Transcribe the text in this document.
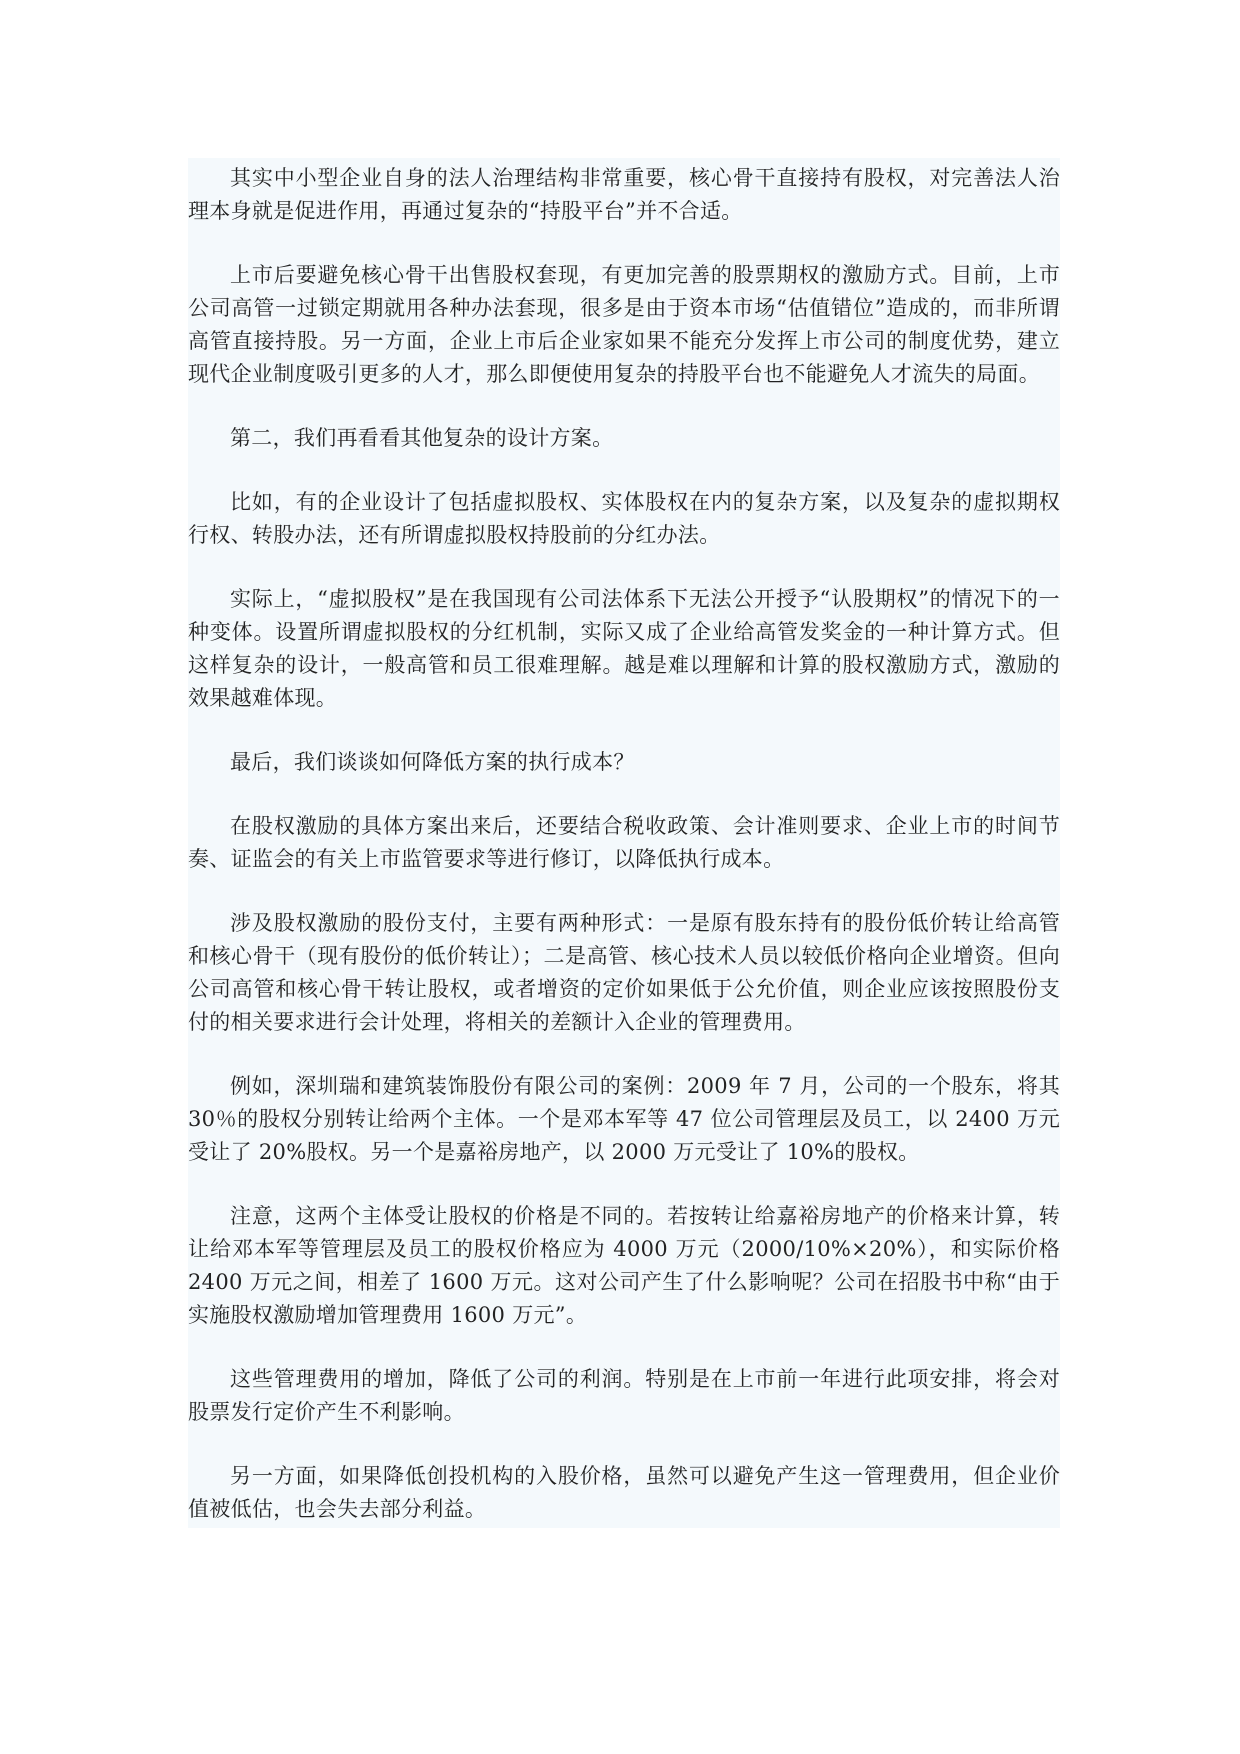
其实中小型企业自身的法人治理结构非常重要，核心骨干直接持有股权，对完善法人治理本身就是促进作用，再通过复杂的“持股平台”并不合适。

上市后要避免核心骨干出售股权套现，有更加完善的股票期权的激励方式。目前，上市公司高管一过锁定期就用各种办法套现，很多是由于资本市场“估值错位”造成的，而非所谓高管直接持股。另一方面，企业上市后企业家如果不能充分发挥上市公司的制度优势，建立现代企业制度吸引更多的人才，那么即便使用复杂的持股平台也不能避免人才流失的局面。

第二，我们再看看其他复杂的设计方案。

比如，有的企业设计了包括虚拟股权、实体股权在内的复杂方案，以及复杂的虚拟期权行权、转股办法，还有所谓虚拟股权持股前的分红办法。

实际上，“虚拟股权”是在我国现有公司法体系下无法公开授予“认股期权”的情况下的一种变体。设置所谓虚拟股权的分红机制，实际又成了企业给高管发奖金的一种计算方式。但这样复杂的设计，一般高管和员工很难理解。越是难以理解和计算的股权激励方式，激励的效果越难体现。

最后，我们谈谈如何降低方案的执行成本？

在股权激励的具体方案出来后，还要结合税收政策、会计准则要求、企业上市的时间节奏、证监会的有关上市监管要求等进行修订，以降低执行成本。

涉及股权激励的股份支付，主要有两种形式：一是原有股东持有的股份低价转让给高管和核心骨干（现有股份的低价转让）；二是高管、核心技术人员以较低价格向企业增资。但向公司高管和核心骨干转让股权，或者增资的定价如果低于公允价值，则企业应该按照股份支付的相关要求进行会计处理，将相关的差额计入企业的管理费用。

例如，深圳瑞和建筑装饰股份有限公司的案例：2009 年 7 月，公司的一个股东，将其 30％的股权分别转让给两个主体。一个是邓本军等 47 位公司管理层及员工，以 2400 万元受让了 20%股权。另一个是嘉裕房地产，以 2000 万元受让了 10%的股权。

注意，这两个主体受让股权的价格是不同的。若按转让给嘉裕房地产的价格来计算，转让给邓本军等管理层及员工的股权价格应为 4000 万元（2000/10%×20%），和实际价格 2400 万元之间，相差了 1600 万元。这对公司产生了什么影响呢？公司在招股书中称“由于实施股权激励增加管理费用 1600 万元”。

这些管理费用的增加，降低了公司的利润。特别是在上市前一年进行此项安排，将会对股票发行定价产生不利影响。

另一方面，如果降低创投机构的入股价格，虽然可以避免产生这一管理费用，但企业价值被低估，也会失去部分利益。
